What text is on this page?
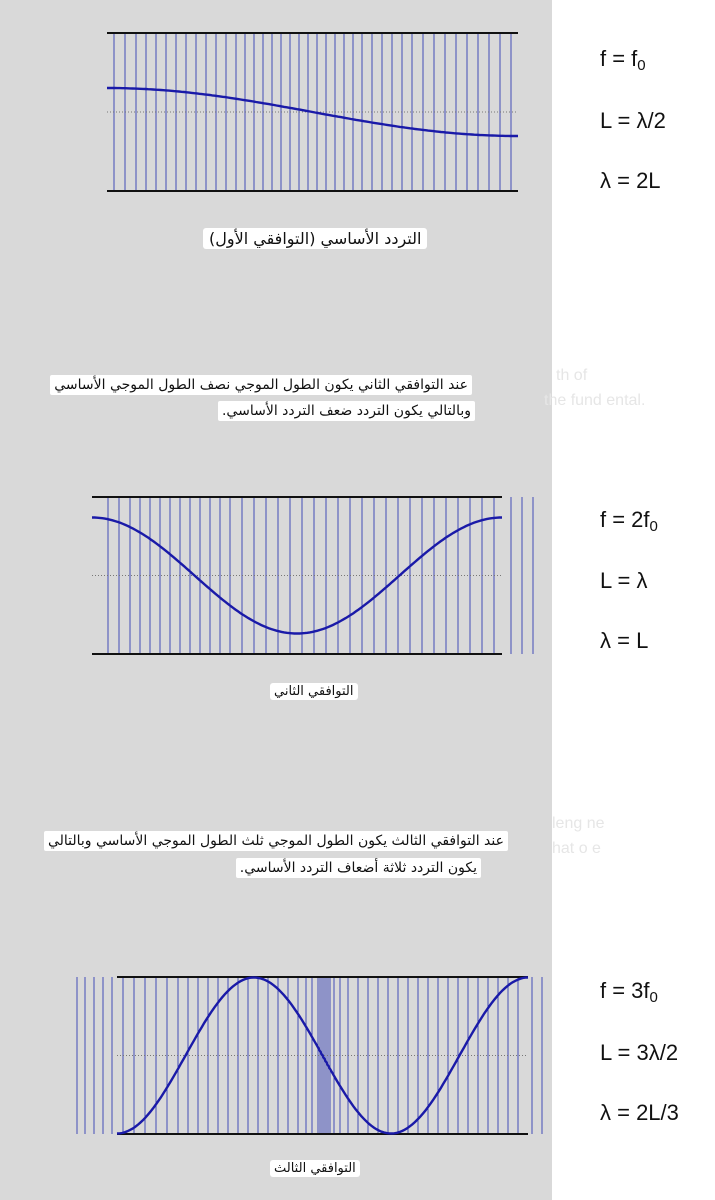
$f = f_0$
L = λ/2
λ = 2L
التردد الأساسي (التوافقي الأول)
عند التوافقي الثاني يكون الطول الموجي نصف الطول الموجي الأساسي
وبالتالي يكون التردد ضعف التردد الأساسي.
th of
the fund ental.
$f = 2f_0$
L = λ
λ = L
التوافقي الثاني
عند التوافقي الثالث يكون الطول الموجي ثلث الطول الموجي الأساسي وبالتالي
يكون التردد ثلاثة أضعاف التردد الأساسي.
leng ne
hat o e
$f = 3f_0$
L = 3λ/2
λ = 2L/3
التوافقي الثالث
